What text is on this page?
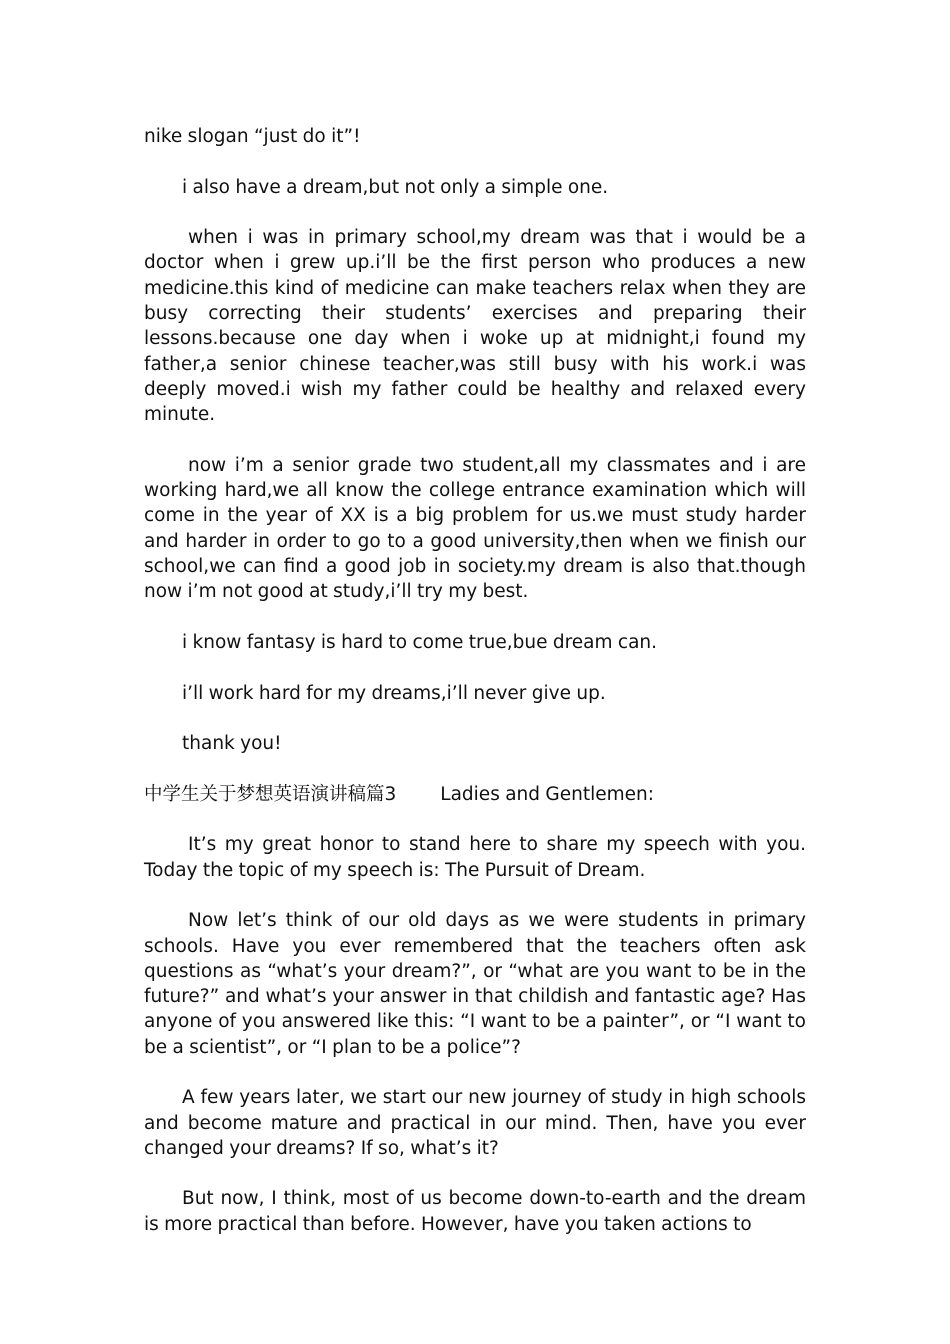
nike slogan “just do it”!

i also have a dream,but not only a simple one.

when i was in primary school,my dream was that i would be a doctor when i grew up.i’ll be the first person who produces a new medicine.this kind of medicine can make teachers relax when they are busy correcting their students’ exercises and preparing their lessons.because one day when i woke up at midnight,i found my father,a senior chinese teacher,was still busy with his work.i was deeply moved.i wish my father could be healthy and relaxed every minute.

now i’m a senior grade two student,all my classmates and i are working hard,we all know the college entrance examination which will come in the year of XX is a big problem for us.we must study harder and harder in order to go to a good university,then when we finish our school,we can find a good job in society.my dream is also that.though now i’m not good at study,i’ll try my best.

i know fantasy is hard to come true,bue dream can.

i’ll work hard for my dreams,i’ll never give up.

thank you!

中学生关于梦想英语演讲稿篇3 Ladies and Gentlemen:

It’s my great honor to stand here to share my speech with you. Today the topic of my speech is: The Pursuit of Dream.

Now let’s think of our old days as we were students in primary schools. Have you ever remembered that the teachers often ask questions as “what’s your dream?”, or “what are you want to be in the future?” and what’s your answer in that childish and fantastic age? Has anyone of you answered like this: “I want to be a painter”, or “I want to be a scientist”, or “I plan to be a police”?

A few years later, we start our new journey of study in high schools and become mature and practical in our mind. Then, have you ever changed your dreams? If so, what’s it?

But now, I think, most of us become down-to-earth and the dream is more practical than before. However, have you taken actions to
